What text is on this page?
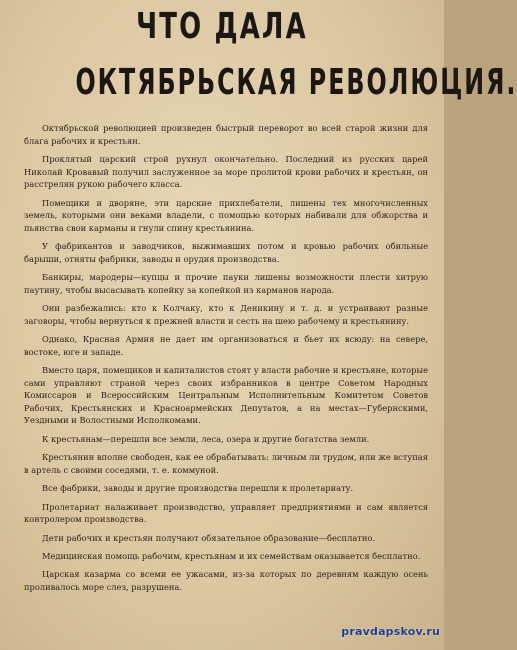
ЧТО ДАЛА
ОКТЯБРЬСКАЯ РЕВОЛЮЦИЯ.

Октябрьской революцией произведен быстрый переворот во всей старой жизни для блага рабочих и крестьян.

Проклятый царский строй рухнул окончательно. Последний из русских царей Николай Кровавый получил заслуженное за море пролитой крови рабочих и крестьян, он расстрелян рукою рабочего класса.

Помещики и дворяне, эти царские прихлебатели, лишены тех многочисленных земель, которыми они веками владели, с помощью которых набивали для обжорства и пьянства свои карманы и гнули спину крестьянина.

У фабрикантов и заводчиков, выжимавших потом и кровью рабочих обильные барыши, отняты фабрики, заводы и орудия производства.

Банкиры, мародеры—купцы и прочие пауки лишены возможности плести хитрую паутину, чтобы высасывать копейку за копейкой из карманов народа.

Они разбежались: кто к Колчаку, кто к Деникину и т. д. и устраивают разные заговоры, чтобы вернуться к прежней власти и сесть на шею рабочему и крестьянину.

Однако, Красная Армия не дает им организоваться и бьет их всюду: на севере, востоке, юге и западе.

Вместо царя, помещиков и капиталистов стоят у власти рабочие и крестьяне, которые сами управляют страной через своих избранников в центре Советом Народных Комиссаров и Всероссийским Центральным Исполнительным Комитетом Советов Рабочих, Крестьянских и Красноармейских Депутатов, а на местах—Губернскими, Уездными и Волостными Исполкомами.

К крестьянам—перешли все земли, леса, озера и другие богатства земли.

Крестьянин вполне свободен, как ее обрабатывать: личным ли трудом, или же вступая в артель с своими соседями, т. е. коммуной.

Все фабрики, заводы и другие производства перешли к пролетариату.

Пролетариат налаживает производство, управляет предприятиями и сам является контролером производства.

Дети рабочих и крестьян получают обязательное образование—бесплатно.

Медицинская помощь рабочим, крестьянам и их семействам оказывается бесплатно.

Царская казарма со всеми ее ужасами, из-за которых по деревням каждую осень проливалось море слез, разрушена.

pravdapskov.ru
